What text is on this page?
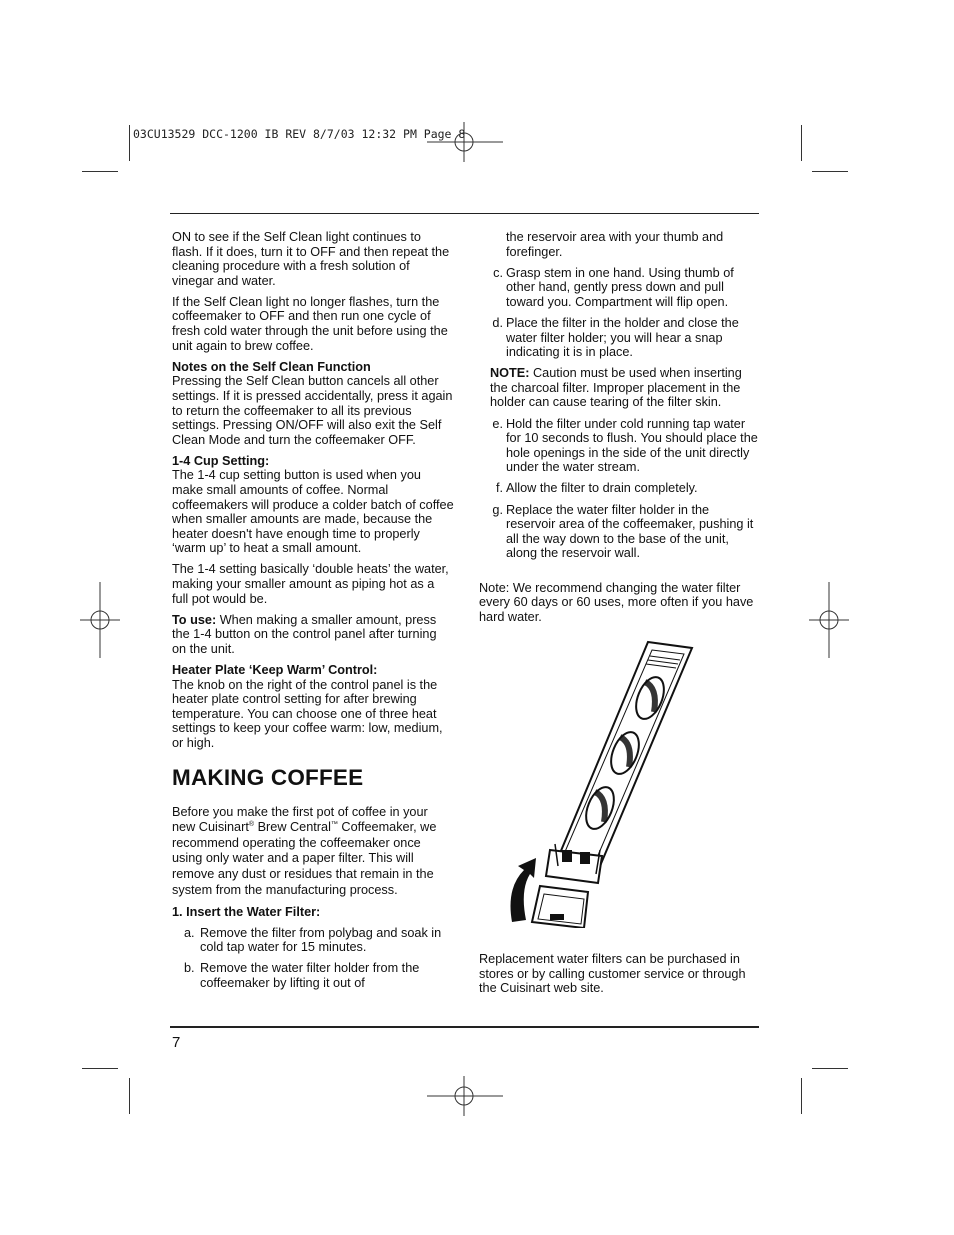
03CU13529 DCC-1200 IB REV 8/7/03 12:32 PM Page 8

ON to see if the Self Clean light continues to flash. If it does, turn it to OFF and then repeat the cleaning procedure with a fresh solution of vinegar and water.

If the Self Clean light no longer flashes, turn the coffeemaker to OFF and then run one cycle of fresh cold water through the unit before using the unit again to brew coffee.

Notes on the Self Clean Function
Pressing the Self Clean button cancels all other settings. If it is pressed accidentally, press it again to return the coffeemaker to all its previous settings. Pressing ON/OFF will also exit the Self Clean Mode and turn the coffeemaker OFF.

1-4 Cup Setting:
The 1-4 cup setting button is used when you make small amounts of coffee. Normal coffeemakers will produce a colder batch of coffee when smaller amounts are made, because the heater doesn't have enough time to properly ‘warm up’ to heat a small amount.

The 1-4 setting basically ‘double heats’ the water, making your smaller amount as piping hot as a full pot would be.

To use: When making a smaller amount, press the 1-4 button on the control panel after turning on the unit.

Heater Plate ‘Keep Warm’ Control:
The knob on the right of the control panel is the heater plate control setting for after brewing temperature. You can choose one of three heat settings to keep your coffee warm: low, medium, or high.

MAKING COFFEE

Before you make the first pot of coffee in your new Cuisinart® Brew Central™ Coffeemaker, we recommend operating the coffeemaker once using only water and a paper filter. This will remove any dust or residues that remain in the system from the manufacturing process.

1. Insert the Water Filter:

a. Remove the filter from polybag and soak in cold tap water for 15 minutes.
b. Remove the water filter holder from the coffeemaker by lifting it out of

the reservoir area with your thumb and forefinger.

c. Grasp stem in one hand. Using thumb of other hand, gently press down and pull toward you. Compartment will flip open.
d. Place the filter in the holder and close the water filter holder; you will hear a snap indicating it is in place.

NOTE: Caution must be used when inserting the charcoal filter. Improper placement in the holder can cause tearing of the filter skin.

e. Hold the filter under cold running tap water for 10 seconds to flush. You should place the hole openings in the side of the unit directly under the water stream.
f. Allow the filter to drain completely.
g. Replace the water filter holder in the reservoir area of the coffeemaker, pushing it all the way down to the base of the unit, along the reservoir wall.

Note: We recommend changing the water filter every 60 days or 60 uses, more often if you have hard water.

Replacement water filters can be purchased in stores or by calling customer service or through the Cuisinart web site.

7
